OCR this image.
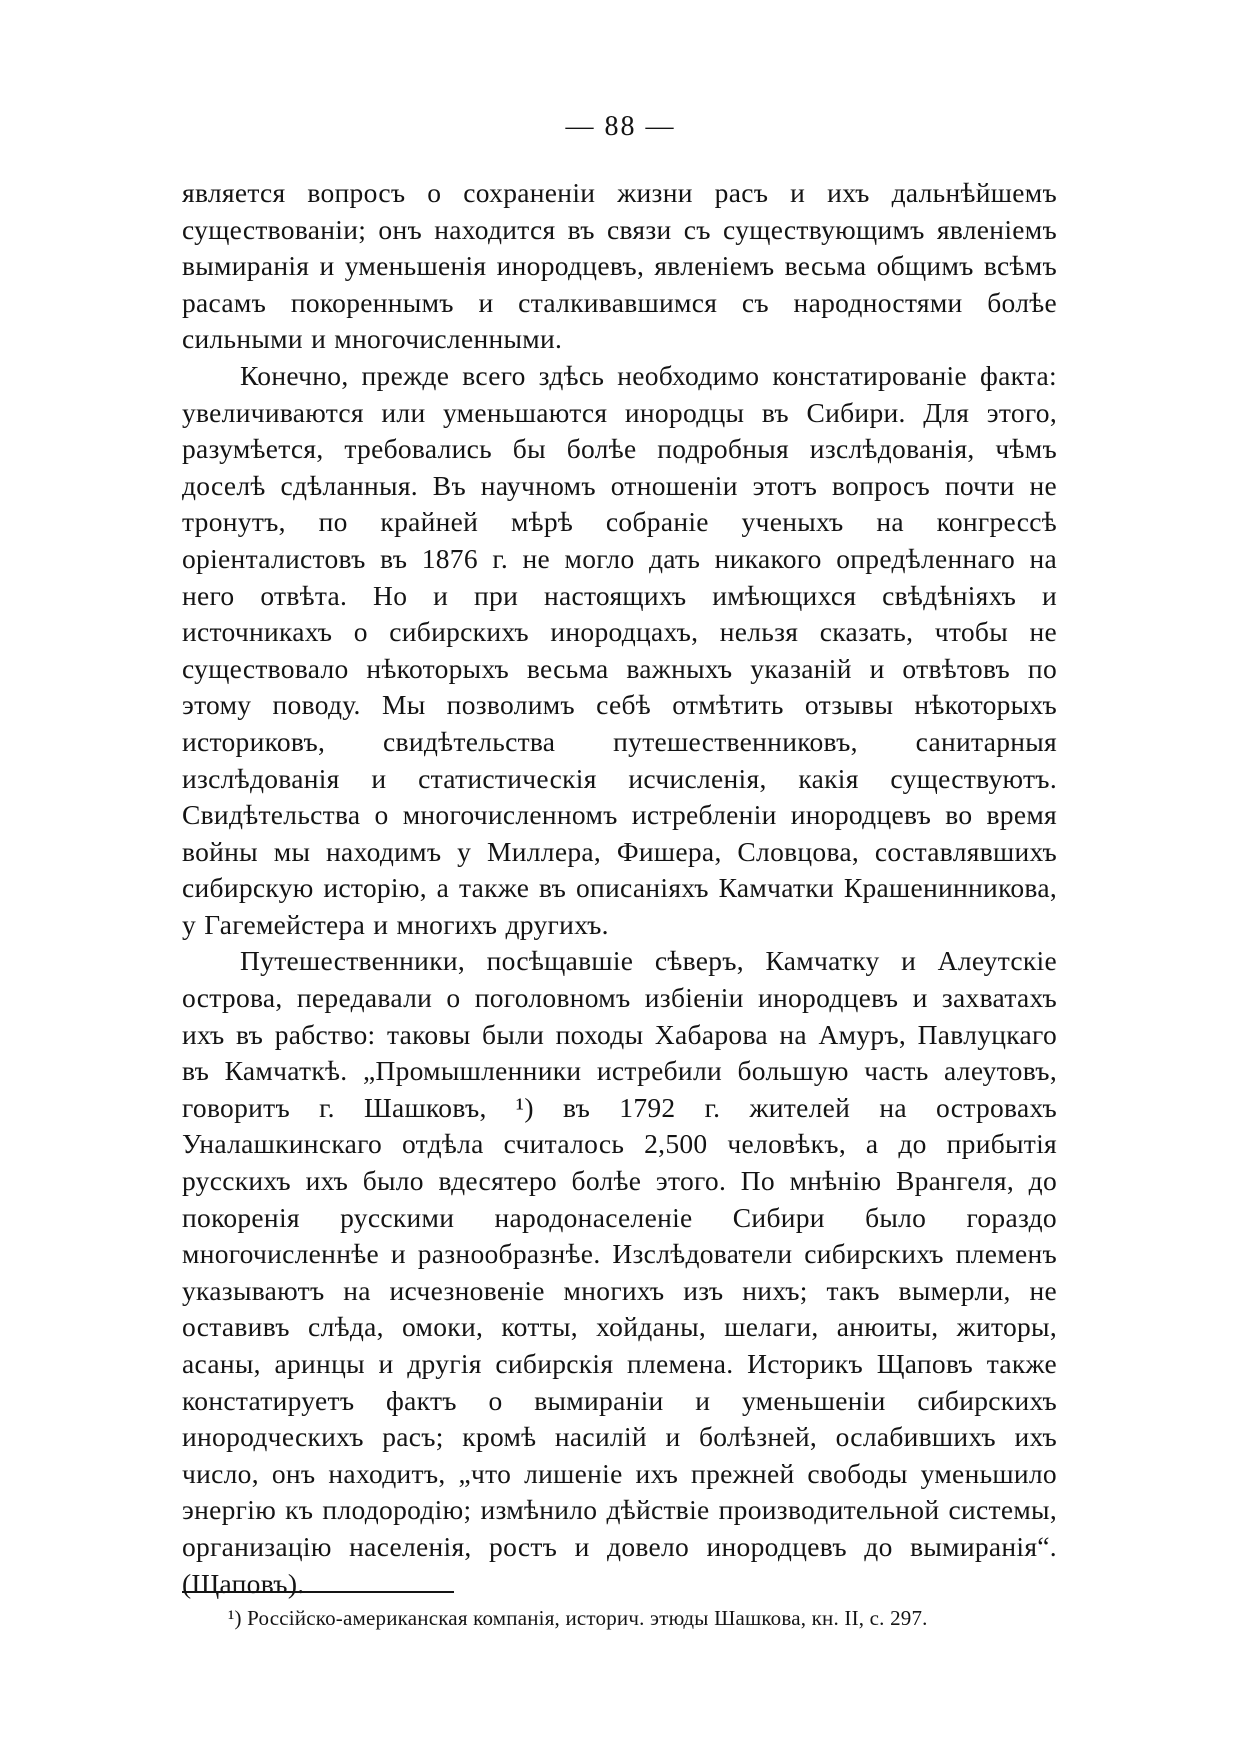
— 88 —

является вопросъ о сохраненіи жизни расъ и ихъ дальнѣйшемъ существованіи; онъ находится въ связи съ существующимъ явленіемъ вымиранія и уменьшенія инородцевъ, явленіемъ весьма общимъ всѣмъ расамъ покореннымъ и сталкивавшимся съ народностями болѣе сильными и многочисленными.

Конечно, прежде всего здѣсь необходимо констатированіе факта: увеличиваются или уменьшаются инородцы въ Сибири. Для этого, разумѣется, требовались бы болѣе подробныя изслѣдованія, чѣмъ доселѣ сдѣланныя. Въ научномъ отношеніи этотъ вопросъ почти не тронутъ, по крайней мѣрѣ собраніе ученыхъ на конгрессѣ оріенталистовъ въ 1876 г. не могло дать никакого опредѣленнаго на него отвѣта. Но и при настоящихъ имѣющихся свѣдѣніяхъ и источникахъ о сибирскихъ инородцахъ, нельзя сказать, чтобы не существовало нѣкоторыхъ весьма важныхъ указаній и отвѣтовъ по этому поводу. Мы позволимъ себѣ отмѣтить отзывы нѣкоторыхъ историковъ, свидѣтельства путешественниковъ, санитарныя изслѣдованія и статистическія исчисленія, какія существуютъ. Свидѣтельства о многочисленномъ истребленіи инородцевъ во время войны мы находимъ у Миллера, Фишера, Словцова, составлявшихъ сибирскую исторію, а также въ описаніяхъ Камчатки Крашенинникова, у Гагемейстера и многихъ другихъ.

Путешественники, посѣщавшіе сѣверъ, Камчатку и Алеутскіе острова, передавали о поголовномъ избіеніи инородцевъ и захватахъ ихъ въ рабство: таковы были походы Хабарова на Амуръ, Павлуцкаго въ Камчаткѣ. „Промышленники истребили большую часть алеутовъ, говоритъ г. Шашковъ, ¹) въ 1792 г. жителей на островахъ Уналашкинскаго отдѣла считалось 2,500 человѣкъ, а до прибытія русскихъ ихъ было вдесятеро болѣе этого. По мнѣнію Врангеля, до покоренія русскими народонаселеніе Сибири было гораздо многочисленнѣе и разнообразнѣе. Изслѣдователи сибирскихъ племенъ указываютъ на исчезновеніе многихъ изъ нихъ; такъ вымерли, не оставивъ слѣда, омоки, котты, хойданы, шелаги, анюиты, житоры, асаны, аринцы и другія сибирскія племена. Историкъ Щаповъ также констатируетъ фактъ о вымираніи и уменьшеніи сибирскихъ инородческихъ расъ; кромѣ насилій и болѣзней, ослабившихъ ихъ число, онъ находитъ, „что лишеніе ихъ прежней свободы уменьшило энергію къ плодородію; измѣнило дѣйствіе производительной системы, организацію населенія, ростъ и довело инородцевъ до вымиранія“. (Щаповъ).

¹) Россійско-американская компанія, историч. этюды Шашкова, кн. II, с. 297.
